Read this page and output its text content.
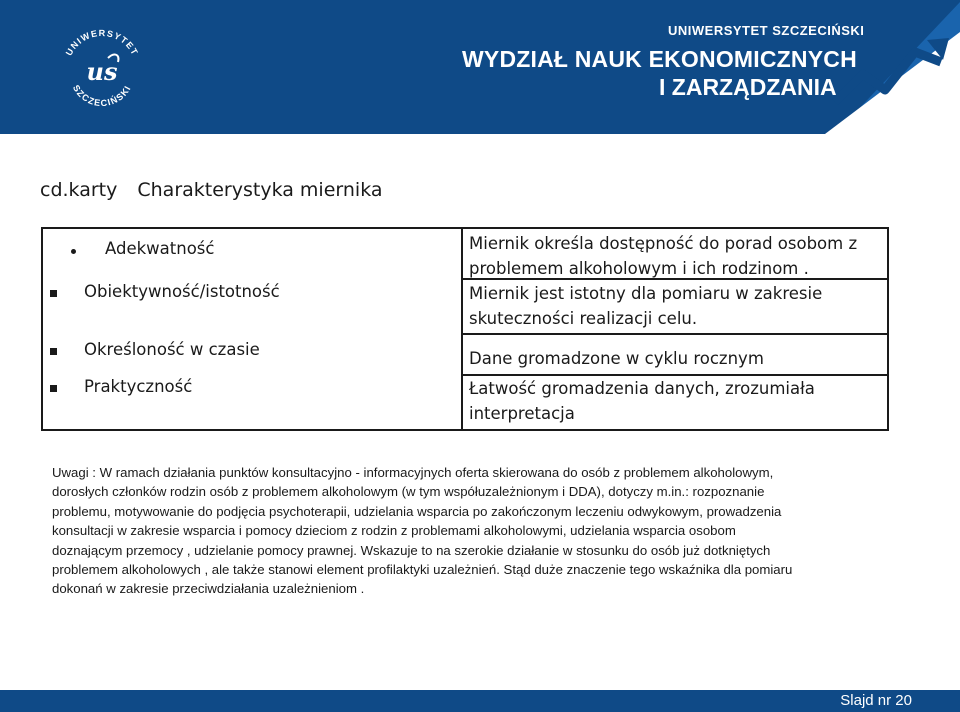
UNIWERSYTET
SZCZECIŃSKI
us
UNIWERSYTET SZCZECIŃSKI
WYDZIAŁ NAUK EKONOMICZNYCH
I ZARZĄDZANIA
cd.karty Charakterystyka miernika
Adekwatność
Obiektywność/istotność
Określoność w czasie
Praktyczność
Miernik określa dostępność do porad osobom z
problemem alkoholowym i ich rodzinom .
Miernik jest istotny dla pomiaru w zakresie
skuteczności realizacji celu.
Dane gromadzone w cyklu rocznym
Łatwość gromadzenia danych, zrozumiała
interpretacja
Uwagi : W ramach działania punktów konsultacyjno - informacyjnych oferta skierowana do osób z problemem alkoholowym,
dorosłych członków rodzin osób z problemem alkoholowym (w tym współuzależnionym i DDA), dotyczy m.in.: rozpoznanie
problemu, motywowanie do podjęcia psychoterapii, udzielania wsparcia po zakończonym leczeniu odwykowym, prowadzenia
konsultacji w zakresie wsparcia i pomocy dzieciom z rodzin z problemami alkoholowymi, udzielania wsparcia osobom
doznającym przemocy , udzielanie pomocy prawnej. Wskazuje to na szerokie działanie w stosunku do osób już dotkniętych
problemem alkoholowych , ale także stanowi element profilaktyki uzależnień. Stąd duże znaczenie tego wskaźnika dla pomiaru
dokonań w zakresie przeciwdziałania uzależnieniom .
Slajd nr 20
